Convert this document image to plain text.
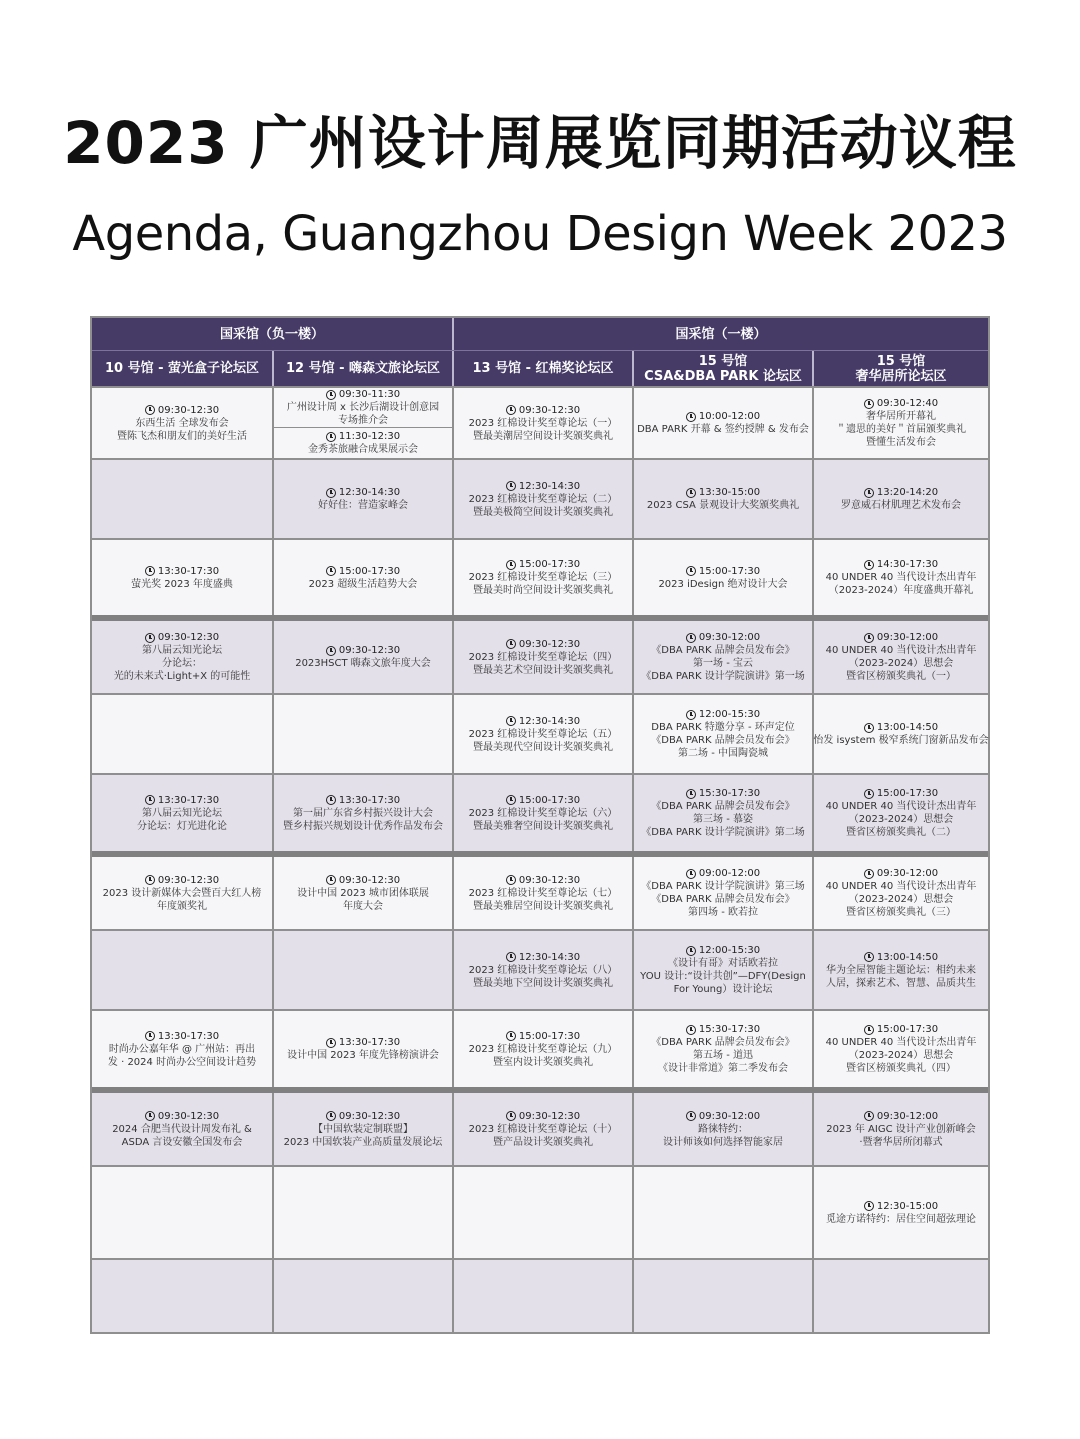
2023 广州设计周展览同期活动议程
Agenda, Guangzhou Design Week 2023
国采馆（负一楼）	国采馆（一楼）
10 号馆 - 萤光盒子论坛区 12 号馆 - 嗨森文旅论坛区 13 号馆 - 红棉奖论坛区	15 号馆
CSA&DBA PARK 论坛区
15 号馆
奢华居所论坛区
09:30-12:30
东西生活 全球发布会
暨陈飞杰和朋友们的美好生活
09:30-11:30
广州设计周 x 长沙后湖设计创意园
专场推介会
11:30-12:30
金秀茶旅融合成果展示会
09:30-12:30
2023 红棉设计奖至尊论坛（一）
暨最美潮居空间设计奖颁奖典礼
10:00-12:00
DBA PARK 开幕 & 签约授牌 & 发布会
09:30-12:40
奢华居所开幕礼
＂遗思的美好＂首届颁奖典礼
暨懂生活发布会
12:30-14:30
好好住：营造家峰会
12:30-14:30
2023 红棉设计奖至尊论坛（二）
暨最美极简空间设计奖颁奖典礼
13:30-15:00
2023 CSA 景观设计大奖颁奖典礼
13:20-14:20
罗意威石材肌理艺术发布会
13:30-17:30
萤光奖 2023 年度盛典
15:00-17:30
2023 超级生活趋势大会
15:00-17:30
2023 红棉设计奖至尊论坛（三）
暨最美时尚空间设计奖颁奖典礼
15:00-17:30
2023 iDesign 绝对设计大会
14:30-17:30
40 UNDER 40 当代设计杰出青年
（2023-2024）年度盛典开幕礼
09:30-12:30
第八届云知光论坛
分论坛：
光的未来式·Light+X 的可能性
09:30-12:30
2023HSCT 嗨森文旅年度大会
09:30-12:30
2023 红棉设计奖至尊论坛（四）
暨最美艺术空间设计奖颁奖典礼
09:30-12:00
《DBA PARK 品牌会员发布会》
第一场 - 宝云
《DBA PARK 设计学院演讲》第一场
09:30-12:00
40 UNDER 40 当代设计杰出青年
（2023-2024）思想会
暨省区榜颁奖典礼（一）
12:30-14:30
2023 红棉设计奖至尊论坛（五）
暨最美现代空间设计奖颁奖典礼
12:00-15:30
DBA PARK 特邀分享 - 环声定位
《DBA PARK 品牌会员发布会》
第二场 - 中国陶瓷城
13:00-14:50
怡发 isystem 极窄系统门窗新品发布会
13:30-17:30
第八届云知光论坛
分论坛：灯光进化论
13:30-17:30
第一届广东省乡村振兴设计大会
暨乡村振兴规划设计优秀作品发布会
15:00-17:30
2023 红棉设计奖至尊论坛（六）
暨最美雅奢空间设计奖颁奖典礼
15:30-17:30
《DBA PARK 品牌会员发布会》
第三场 - 慕姿
《DBA PARK 设计学院演讲》第二场
15:00-17:30
40 UNDER 40 当代设计杰出青年
（2023-2024）思想会
暨省区榜颁奖典礼（二）
09:30-12:30
2023 设计新媒体大会暨百大红人榜
年度颁奖礼
09:30-12:30
设计中国 2023 城市团体联展
年度大会
09:30-12:30
2023 红棉设计奖至尊论坛（七）
暨最美雅居空间设计奖颁奖典礼
09:00-12:00
《DBA PARK 设计学院演讲》第三场
《DBA PARK 品牌会员发布会》
第四场 - 欧若拉
09:30-12:00
40 UNDER 40 当代设计杰出青年
（2023-2024）思想会
暨省区榜颁奖典礼（三）
12:30-14:30
2023 红棉设计奖至尊论坛（八）
暨最美地下空间设计奖颁奖典礼
12:00-15:30
《设计有哥》对话欧若拉
YOU 设计:“设计共创”—DFY(Design
For Young）设计论坛
13:00-14:50
华为全屋智能主题论坛：相约未来
人居，探索艺术、智慧、品质共生
13:30-17:30
时尚办公嘉年华 @ 广州站：再出
发 · 2024 时尚办公空间设计趋势
13:30-17:30
设计中国 2023 年度先锋榜演讲会
15:00-17:30
2023 红棉设计奖至尊论坛（九）
暨室内设计奖颁奖典礼
15:30-17:30
《DBA PARK 品牌会员发布会》
第五场 - 道迅
《设计非常道》第二季发布会
15:00-17:30
40 UNDER 40 当代设计杰出青年
（2023-2024）思想会
暨省区榜颁奖典礼（四）
09:30-12:30
2024 合肥当代设计周发布礼 &
ASDA 言设安徽全国发布会
09:30-12:30
【中国软装定制联盟】
2023 中国软装产业高质量发展论坛
09:30-12:30
2023 红棉设计奖至尊论坛（十）
暨产品设计奖颁奖典礼
09:30-12:00
路徕特约：
设计师该如何选择智能家居
09:30-12:00
2023 年 AIGC 设计产业创新峰会
·暨奢华居所闭幕式
12:30-15:00
觅途方诺特约：居住空间超弦理论
